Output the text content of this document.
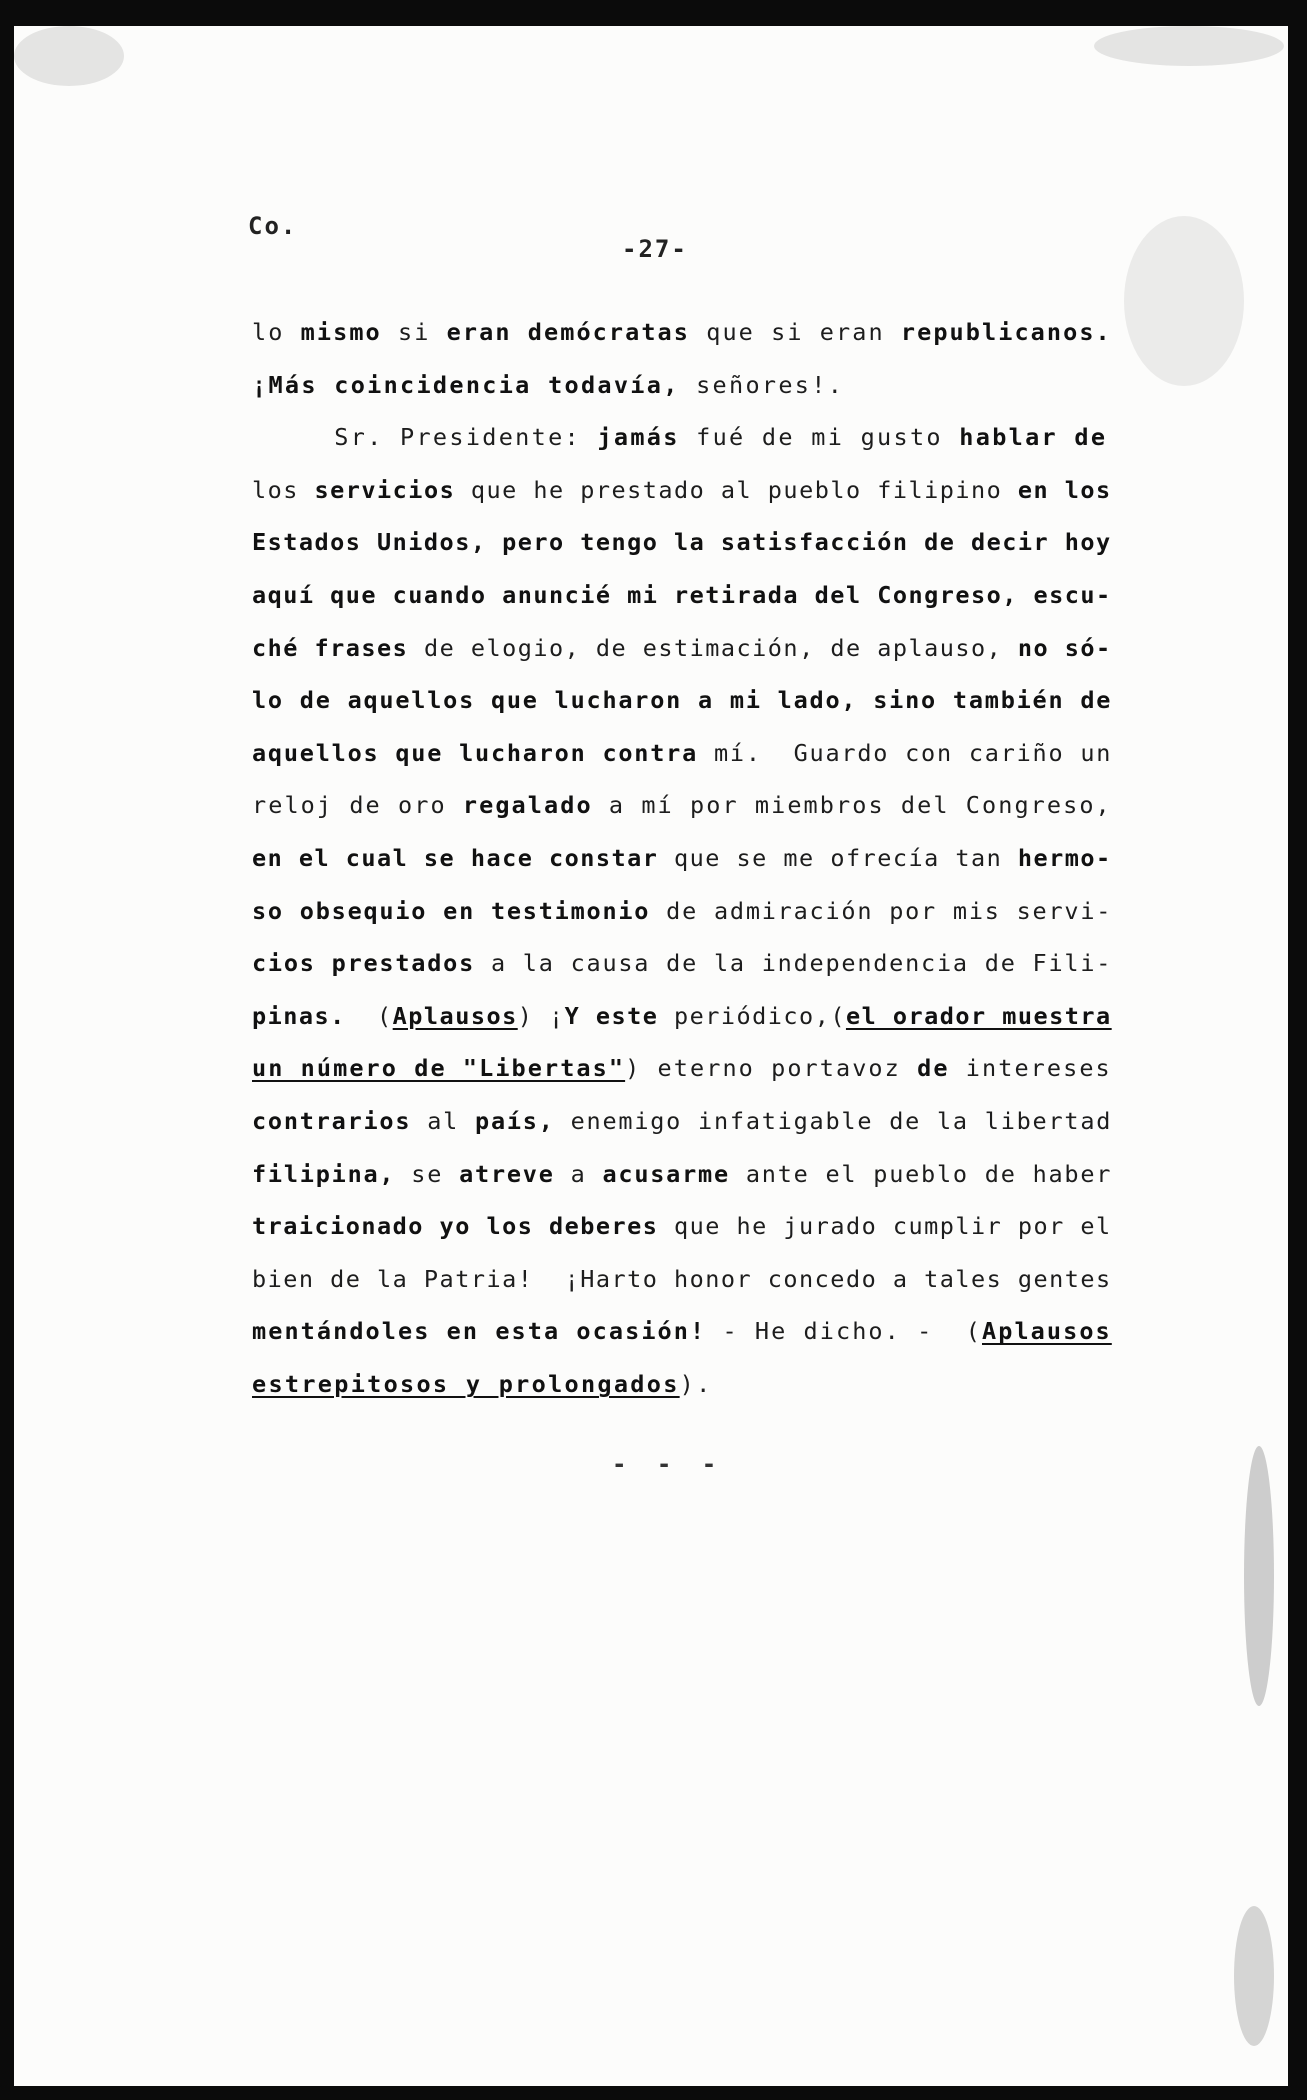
Co.
-27-
lo mismo si eran demócratas que si eran republicanos.
¡Más coincidencia todavía, señores!.
Sr. Presidente: jamás fué de mi gusto hablar de
los servicios que he prestado al pueblo filipino en los
Estados Unidos, pero tengo la satisfacción de decir hoy
aquí que cuando anuncié mi retirada del Congreso, escu-
ché frases de elogio, de estimación, de aplauso, no só-
lo de aquellos que lucharon a mi lado, sino también de
aquellos que lucharon contra mí.  Guardo con cariño un
reloj de oro regalado a mí por miembros del Congreso,
en el cual se hace constar que se me ofrecía tan hermo-
so obsequio en testimonio de admiración por mis servi-
cios prestados a la causa de la independencia de Fili-
pinas.  (Aplausos) ¡Y este periódico,(el orador muestra
un número de "Libertas") eterno portavoz de intereses
contrarios al país, enemigo infatigable de la libertad
filipina, se atreve a acusarme ante el pueblo de haber
traicionado yo los deberes que he jurado cumplir por el
bien de la Patria!  ¡Harto honor concedo a tales gentes
mentándoles en esta ocasión! - He dicho. -  (Aplausos
estrepitosos y prolongados).
- - -
